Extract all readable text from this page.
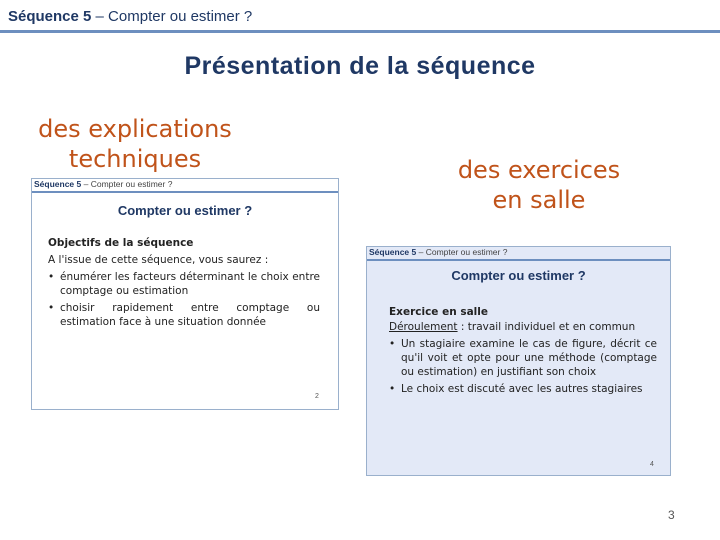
Séquence 5 – Compter ou estimer ?
Présentation de la séquence
des explications
techniques	des exercices
en salle
Séquence 5 – Compter ou estimer ?
Compter ou estimer ?
Objectifs de la séquence
A l'issue de cette séquence, vous saurez :
• énumérer les facteurs déterminant le choix entre comptage ou estimation
• choisir rapidement entre comptage ou estimation face à une situation donnée
2
Séquence 5 – Compter ou estimer ?
Compter ou estimer ?
Exercice en salle
Déroulement : travail individuel et en commun
• Un stagiaire examine le cas de figure, décrit ce qu'il voit et opte pour une méthode (comptage ou estimation) en justifiant son choix
• Le choix est discuté avec les autres stagiaires
4
3
